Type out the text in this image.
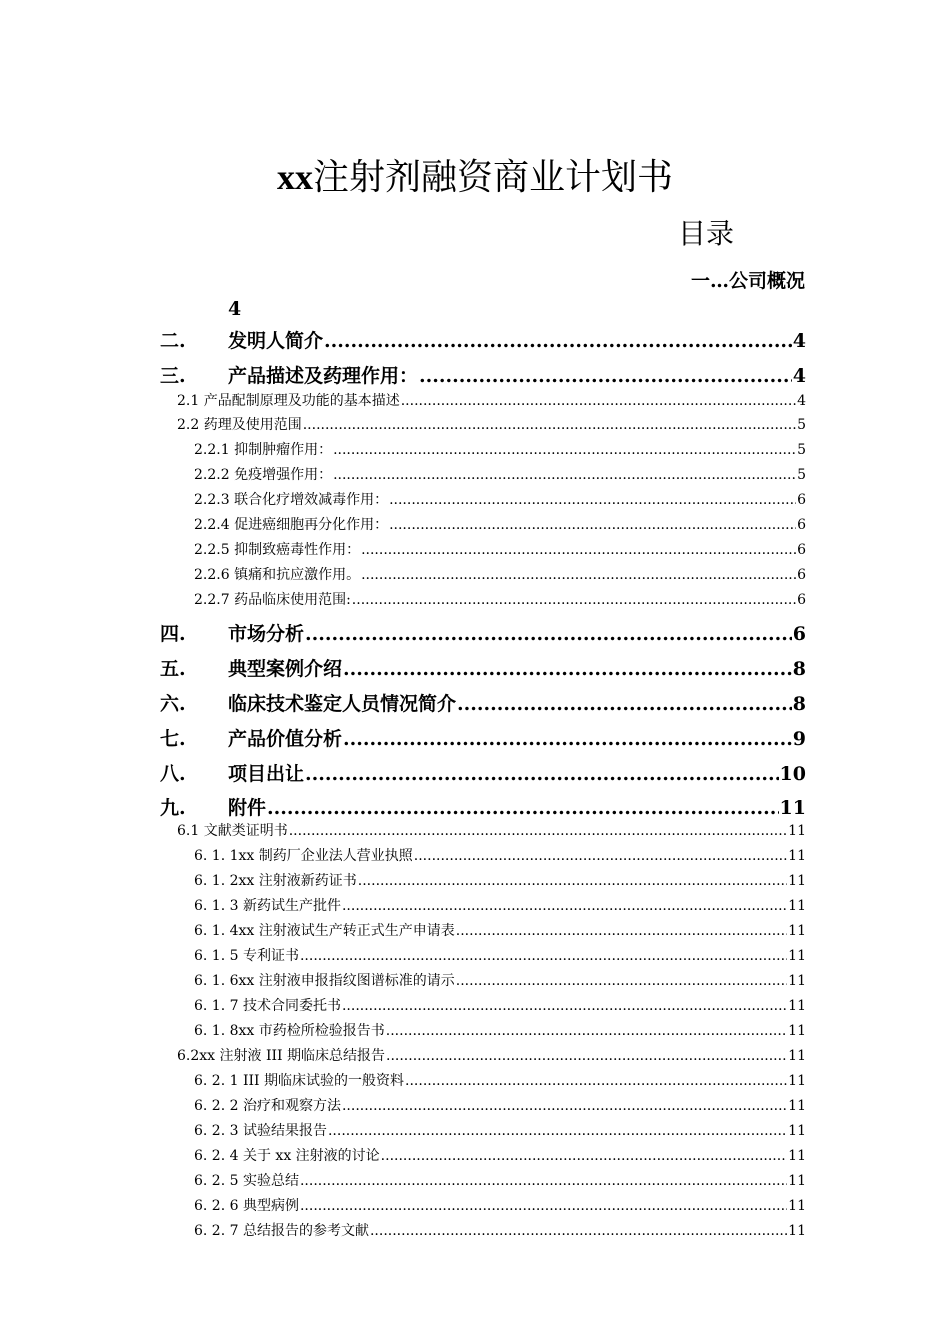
xx注射剂融资商业计划书
目录
一…公司概况
4
二.	发明人简介 .....	4
三.	产品描述及药理作用： .....	4
2.1 产品配制原理及功能的基本描述 .....	4
2.2 药理及使用范围 .....	5
2.2.1 抑制肿瘤作用： .....	5
2.2.2 免疫增强作用： .....	5
2.2.3 联合化疗增效减毒作用： .....	6
2.2.4 促进癌细胞再分化作用： .....	6
2.2.5 抑制致癌毒性作用： .....	6
2.2.6 镇痛和抗应激作用。 .....	6
2.2.7 药品临床使用范围: .....	6
四.	市场分析 .....	6
五.	典型案例介绍 .....	8
六.	临床技术鉴定人员情况简介 .....	8
七.	产品价值分析 .....	9
八.	项目出让 .....	10
九.	附件 .....	11
6.1 文献类证明书 .....	11
6. 1. 1xx 制药厂企业法人营业执照 .....	11
6. 1. 2xx 注射液新药证书 .....	11
6. 1. 3 新药试生产批件 .....	11
6. 1. 4xx 注射液试生产转正式生产申请表 .....	11
6. 1. 5 专利证书 .....	11
6. 1. 6xx 注射液申报指纹图谱标准的请示 .....	11
6. 1. 7 技术合同委托书 .....	11
6. 1. 8xx 市药检所检验报告书 .....	11
6.2xx 注射液 III 期临床总结报告 .....	11
6. 2. 1 III 期临床试验的一般资料 .....	11
6. 2. 2 治疗和观察方法 .....	11
6. 2. 3 试验结果报告 .....	11
6. 2. 4 关于 xx 注射液的讨论 .....	11
6. 2. 5 实验总结 .....	11
6. 2. 6 典型病例 .....	11
6. 2. 7 总结报告的参考文献 .....	11
